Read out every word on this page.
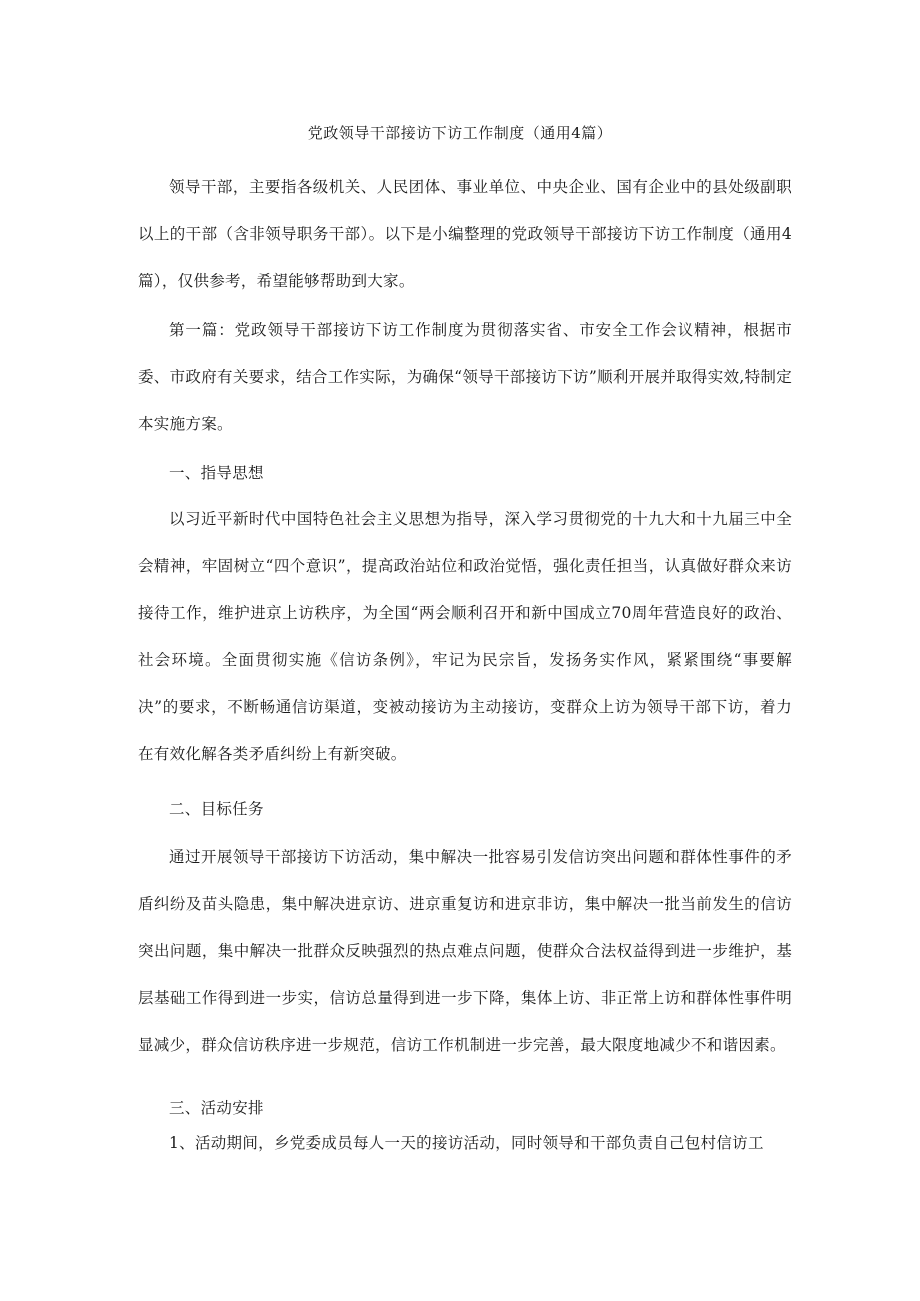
党政领导干部接访下访工作制度（通用4篇）

领导干部，主要指各级机关、人民团体、事业单位、中央企业、国有企业中的县处级副职以上的干部（含非领导职务干部）。以下是小编整理的党政领导干部接访下访工作制度（通用4篇），仅供参考，希望能够帮助到大家。

第一篇：党政领导干部接访下访工作制度为贯彻落实省、市安全工作会议精神，根据市委、市政府有关要求，结合工作实际，为确保“领导干部接访下访”顺利开展并取得实效,特制定本实施方案。

一、指导思想

以习近平新时代中国特色社会主义思想为指导，深入学习贯彻党的十九大和十九届三中全会精神，牢固树立“四个意识”，提高政治站位和政治觉悟，强化责任担当，认真做好群众来访接待工作，维护进京上访秩序，为全国“两会顺利召开和新中国成立70周年营造良好的政治、社会环境。全面贯彻实施《信访条例》，牢记为民宗旨，发扬务实作风，紧紧围绕“事要解决”的要求，不断畅通信访渠道，变被动接访为主动接访，变群众上访为领导干部下访，着力在有效化解各类矛盾纠纷上有新突破。

二、目标任务

通过开展领导干部接访下访活动，集中解决一批容易引发信访突出问题和群体性事件的矛盾纠纷及苗头隐患，集中解决进京访、进京重复访和进京非访，集中解决一批当前发生的信访突出问题，集中解决一批群众反映强烈的热点难点问题，使群众合法权益得到进一步维护，基层基础工作得到进一步实，信访总量得到进一步下降，集体上访、非正常上访和群体性事件明显减少，群众信访秩序进一步规范，信访工作机制进一步完善，最大限度地减少不和谐因素。

三、活动安排
1、活动期间，乡党委成员每人一天的接访活动，同时领导和干部负责自己包村信访工
